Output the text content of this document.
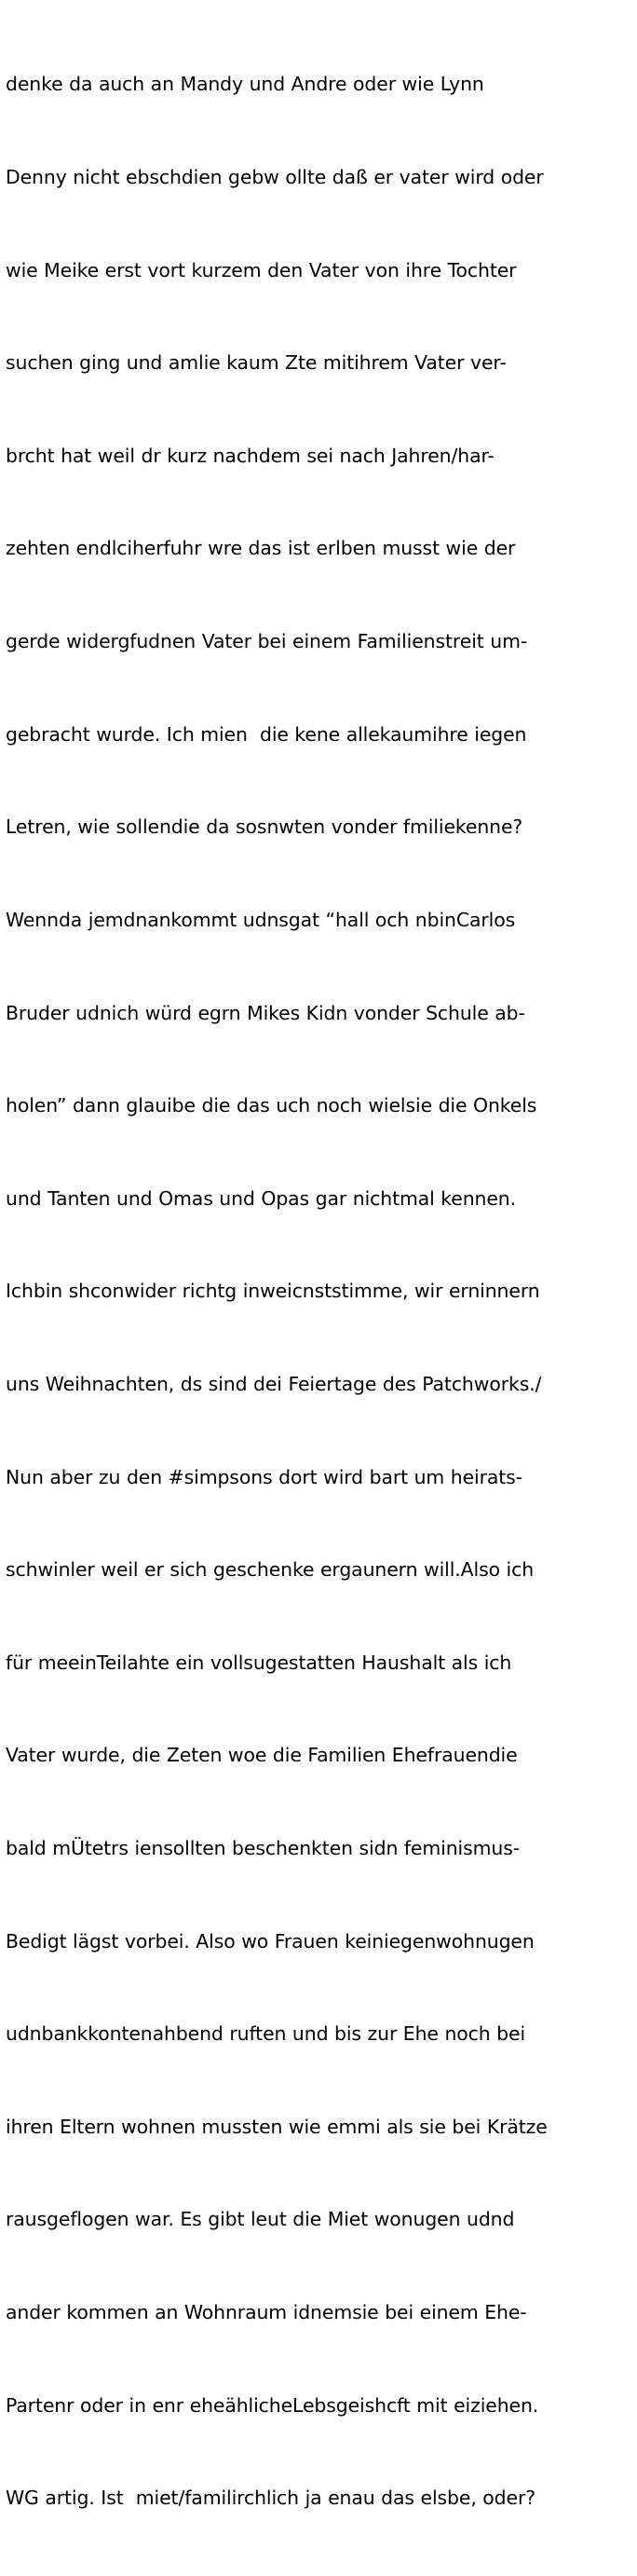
denke da auch an Mandy und Andre oder wie Lynn

Denny nicht ebschdien gebw ollte daß er vater wird oder

wie Meike erst vort kurzem den Vater von ihre Tochter

suchen ging und amlie kaum Zte mitihrem Vater ver-

brcht hat weil dr kurz nachdem sei nach Jahren/har-

zehten endlciherfuhr wre das ist erlben musst wie der

gerde widergfudnen Vater bei einem Familienstreit um-

gebracht wurde. Ich mien  die kene allekaumihre iegen

Letren, wie sollendie da sosnwten vonder fmiliekenne?

Wennda jemdnankommt udnsgat “hall och nbinCarlos

Bruder udnich würd egrn Mikes Kidn vonder Schule ab-

holen” dann glauibe die das uch noch wielsie die Onkels

und Tanten und Omas und Opas gar nichtmal kennen.

Ichbin shconwider richtg inweicnststimme, wir erninnern

uns Weihnachten, ds sind dei Feiertage des Patchworks./

Nun aber zu den #simpsons dort wird bart um heirats-

schwinler weil er sich geschenke ergaunern will.Also ich

für meeinTeilahte ein vollsugestatten Haushalt als ich

Vater wurde, die Zeten woe die Familien Ehefrauendie

bald mÜtetrs iensollten beschenkten sidn feminismus-

Bedigt lägst vorbei. Also wo Frauen keiniegenwohnugen

udnbankkontenahbend ruften und bis zur Ehe noch bei

ihren Eltern wohnen mussten wie emmi als sie bei Krätze

rausgeflogen war. Es gibt leut die Miet wonugen udnd

ander kommen an Wohnraum idnemsie bei einem Ehe-

Partenr oder in enr eheählicheLebsgeishcft mit eiziehen.

WG artig. Ist  miet/familirchlich ja enau das elsbe, oder?
